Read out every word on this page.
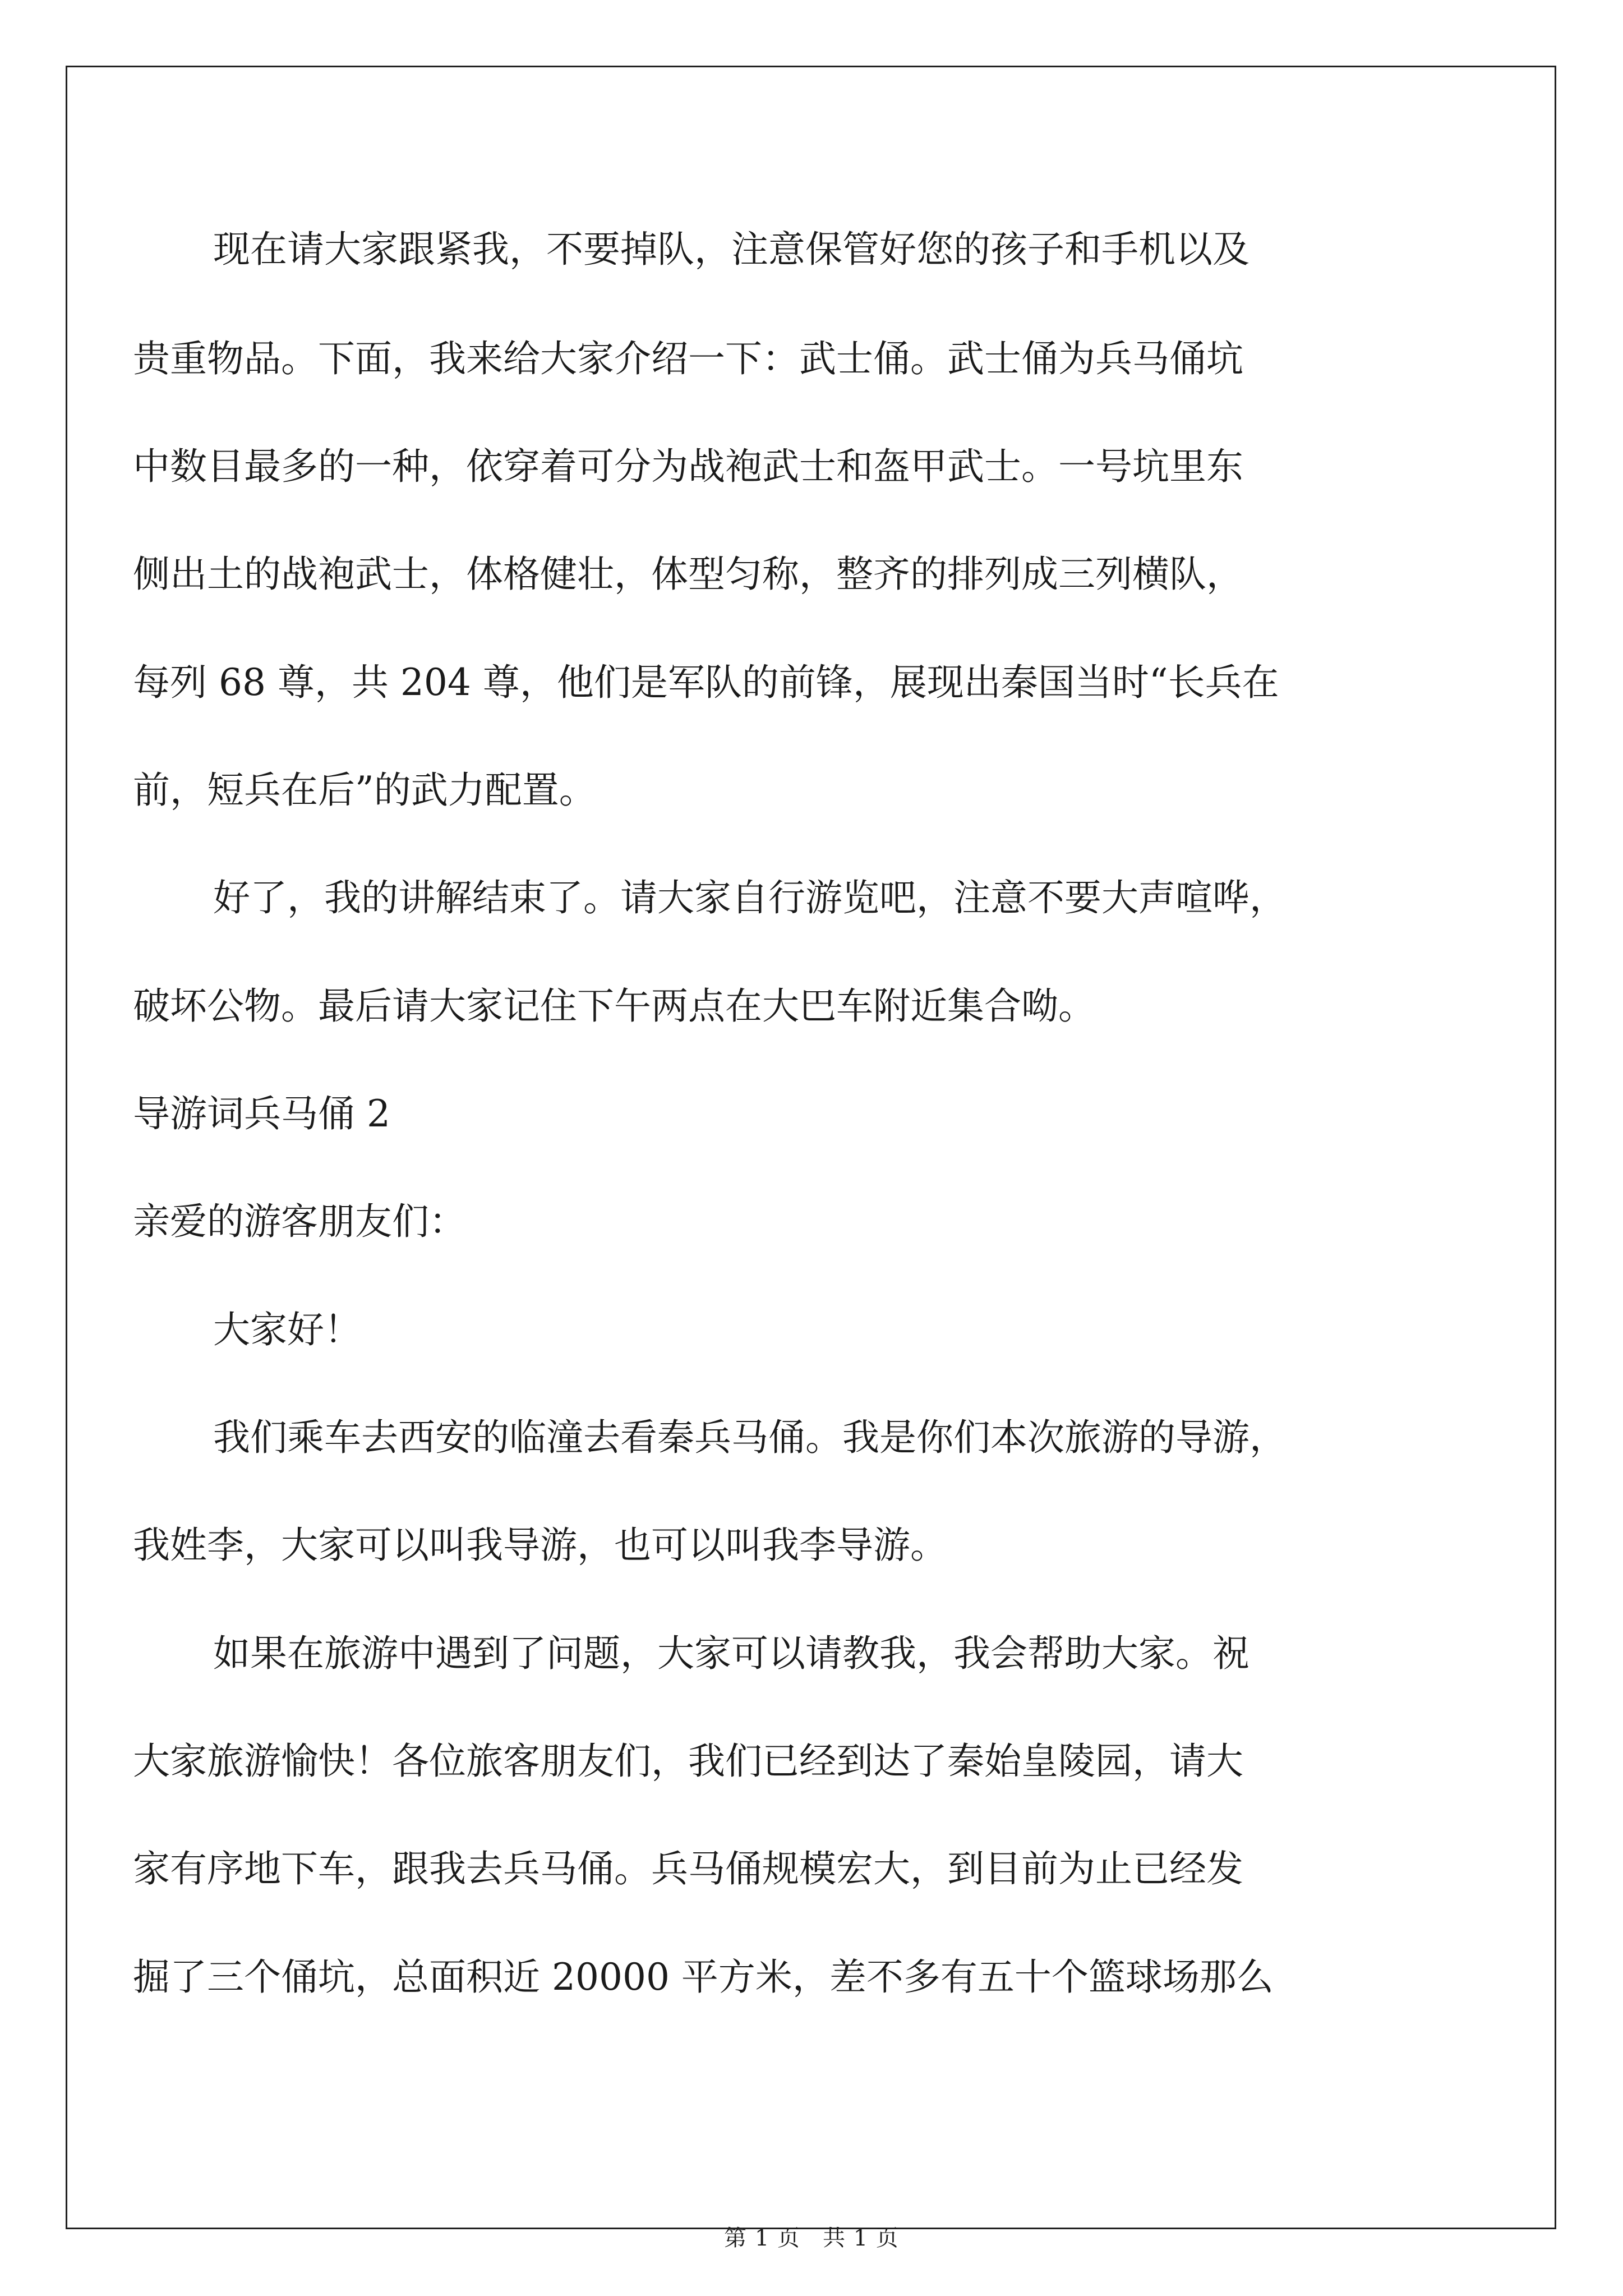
现在请大家跟紧我，不要掉队，注意保管好您的孩子和手机以及
贵重物品。下面，我来给大家介绍一下：武士俑。武士俑为兵马俑坑
中数目最多的一种，依穿着可分为战袍武士和盔甲武士。一号坑里东
侧出土的战袍武士，体格健壮，体型匀称，整齐的排列成三列横队，
每列 68 尊，共 204 尊，他们是军队的前锋，展现出秦国当时“长兵在
前，短兵在后”的武力配置。
好了，我的讲解结束了。请大家自行游览吧，注意不要大声喧哗，
破坏公物。最后请大家记住下午两点在大巴车附近集合呦。
导游词兵马俑 2
亲爱的游客朋友们：
大家好！
我们乘车去西安的临潼去看秦兵马俑。我是你们本次旅游的导游，
我姓李，大家可以叫我导游，也可以叫我李导游。
如果在旅游中遇到了问题，大家可以请教我，我会帮助大家。祝
大家旅游愉快！各位旅客朋友们，我们已经到达了秦始皇陵园，请大
家有序地下车，跟我去兵马俑。兵马俑规模宏大，到目前为止已经发
掘了三个俑坑，总面积近 20000 平方米，差不多有五十个篮球场那么
第 1 页 共 1 页
